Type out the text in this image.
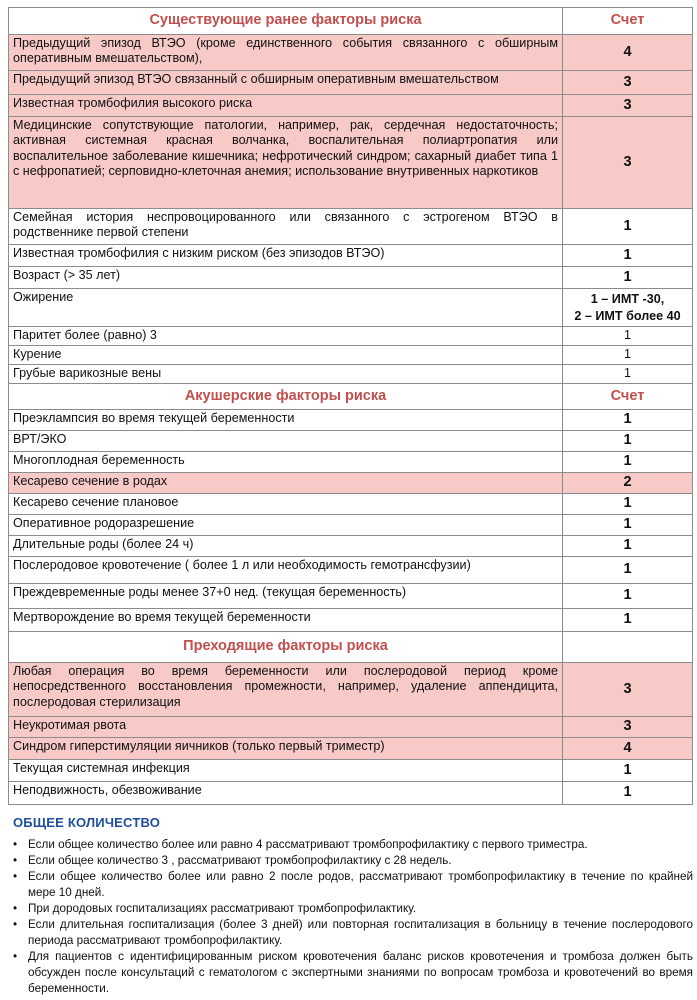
Существующие ранее факторы риска	Счет
Предыдущий эпизод ВТЭО (кроме единственного события связанного с обширным оперативным вмешательством),	4
Предыдущий эпизод ВТЭО связанный с обширным оперативным вмешательством	3
Известная тромбофилия высокого риска	3
Медицинские сопутствующие патологии, например, рак, сердечная недостаточность; активная системная красная волчанка, воспалительная полиартропатия или воспалительное заболевание кишечника; нефротический синдром; сахарный диабет типа 1 с нефропатией; серповидно-клеточная анемия; использование внутривенных наркотиков	3
Семейная история неспровоцированного или связанного с эстрогеном ВТЭО в родственнике первой степени	1
Известная тромбофилия с низким риском (без эпизодов ВТЭО)	1
Возраст (> 35 лет)	1
Ожирение	1 – ИМТ -30,
2 – ИМТ более 40

Паритет более (равно) 3	1
Курение	1
Грубые варикозные вены	1
Акушерские факторы риска	Счет
Преэклампсия во время текущей беременности	1
ВРТ/ЭКО	1
Многоплодная беременность	1
Кесарево сечение в родах	2
Кесарево сечение плановое	1
Оперативное родоразрешение	1
Длительные роды (более 24 ч)	1
Послеродовое кровотечение ( более 1 л или необходимость гемотрансфузии)	1
Преждевременные роды менее 37+0 нед. (текущая беременность)	1
Мертворождение во время текущей беременности	1
Преходящие факторы риска	
Любая операция во время беременности или послеродовой период кроме непосредственного восстановления промежности, например, удаление аппендицита, послеродовая стерилизация	3
Неукротимая рвота	3
Синдром гиперстимуляции яичников (только первый триместр)	4
Текущая системная инфекция	1
Неподвижность, обезвоживание	1
ОБЩЕЕ КОЛИЧЕСТВО
• Если общее количество более или равно 4 рассматривают тромбопрофилактику с первого триместра.
• Если общее количество 3 , рассматривают тромбопрофилактику с 28 недель.
• Если общее количество более или равно 2 после родов, рассматривают тромбопрофилактику в течение по крайней мере 10 дней.
• При дородовых госпитализациях рассматривают тромбопрофилактику.
• Если длительная госпитализация (более 3 дней) или повторная госпитализация в больницу в течение послеродового периода рассматривают тромбопрофилактику.
• Для пациентов с идентифицированным риском кровотечения баланс рисков кровотечения и тромбоза должен быть обсужден после консультаций с гематологом с экспертными знаниями по вопросам тромбоза и кровотечений во время беременности.
